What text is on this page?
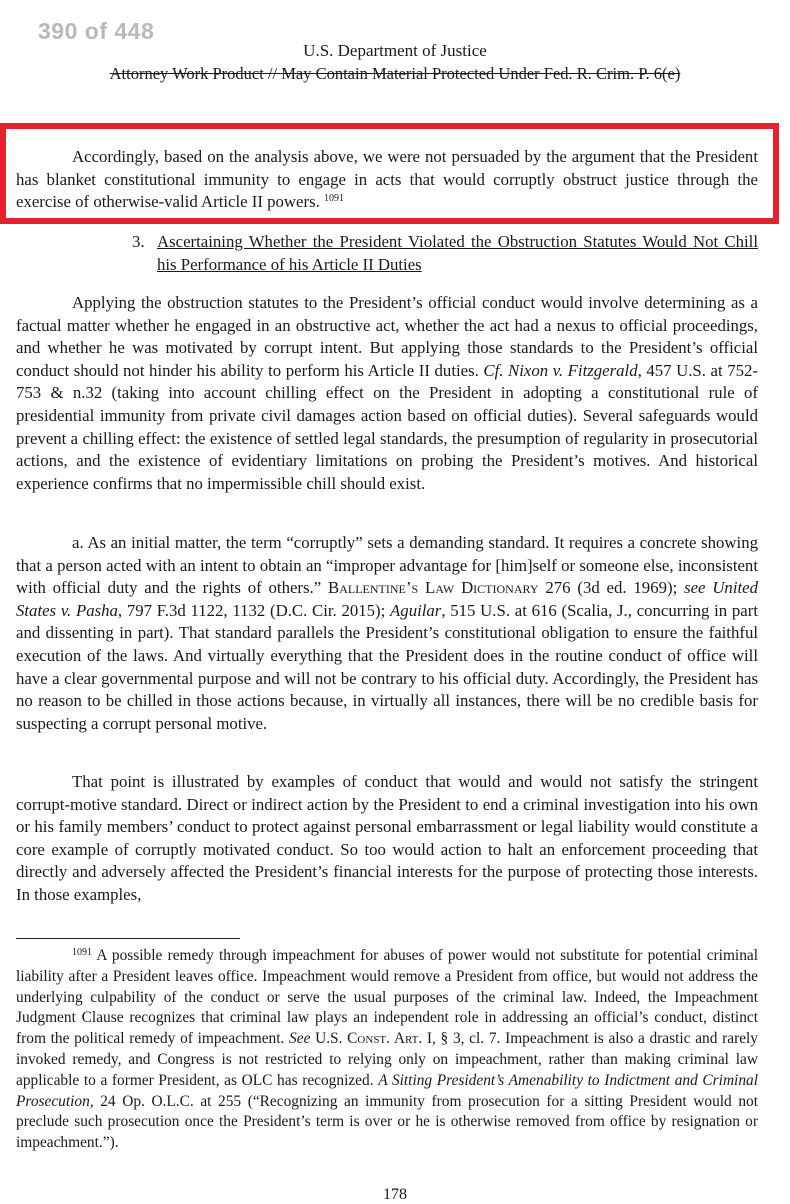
390 of 448
U.S. Department of Justice
Attorney Work Product // May Contain Material Protected Under Fed. R. Crim. P. 6(e)

Accordingly, based on the analysis above, we were not persuaded by the argument that the President has blanket constitutional immunity to engage in acts that would corruptly obstruct justice through the exercise of otherwise-valid Article II powers. $^{1091}$

3. Ascertaining Whether the President Violated the Obstruction Statutes Would Not Chill his Performance of his Article II Duties

Applying the obstruction statutes to the President’s official conduct would involve determining as a factual matter whether he engaged in an obstructive act, whether the act had a nexus to official proceedings, and whether he was motivated by corrupt intent. But applying those standards to the President’s official conduct should not hinder his ability to perform his Article II duties. Cf. Nixon v. Fitzgerald, 457 U.S. at 752-753 & n.32 (taking into account chilling effect on the President in adopting a constitutional rule of presidential immunity from private civil damages action based on official duties). Several safeguards would prevent a chilling effect: the existence of settled legal standards, the presumption of regularity in prosecutorial actions, and the existence of evidentiary limitations on probing the President’s motives. And historical experience confirms that no impermissible chill should exist.

a. As an initial matter, the term “corruptly” sets a demanding standard. It requires a concrete showing that a person acted with an intent to obtain an “improper advantage for [him]self or someone else, inconsistent with official duty and the rights of others.” Ballentine’s Law Dictionary 276 (3d ed. 1969); see United States v. Pasha, 797 F.3d 1122, 1132 (D.C. Cir. 2015); Aguilar, 515 U.S. at 616 (Scalia, J., concurring in part and dissenting in part). That standard parallels the President’s constitutional obligation to ensure the faithful execution of the laws. And virtually everything that the President does in the routine conduct of office will have a clear governmental purpose and will not be contrary to his official duty. Accordingly, the President has no reason to be chilled in those actions because, in virtually all instances, there will be no credible basis for suspecting a corrupt personal motive.

That point is illustrated by examples of conduct that would and would not satisfy the stringent corrupt-motive standard. Direct or indirect action by the President to end a criminal investigation into his own or his family members’ conduct to protect against personal embarrassment or legal liability would constitute a core example of corruptly motivated conduct. So too would action to halt an enforcement proceeding that directly and adversely affected the President’s financial interests for the purpose of protecting those interests. In those examples,

$^{1091}$ A possible remedy through impeachment for abuses of power would not substitute for potential criminal liability after a President leaves office. Impeachment would remove a President from office, but would not address the underlying culpability of the conduct or serve the usual purposes of the criminal law. Indeed, the Impeachment Judgment Clause recognizes that criminal law plays an independent role in addressing an official’s conduct, distinct from the political remedy of impeachment. See U.S. Const. Art. I, § 3, cl. 7. Impeachment is also a drastic and rarely invoked remedy, and Congress is not restricted to relying only on impeachment, rather than making criminal law applicable to a former President, as OLC has recognized. A Sitting President’s Amenability to Indictment and Criminal Prosecution, 24 Op. O.L.C. at 255 (“Recognizing an immunity from prosecution for a sitting President would not preclude such prosecution once the President’s term is over or he is otherwise removed from office by resignation or impeachment.”).

178
